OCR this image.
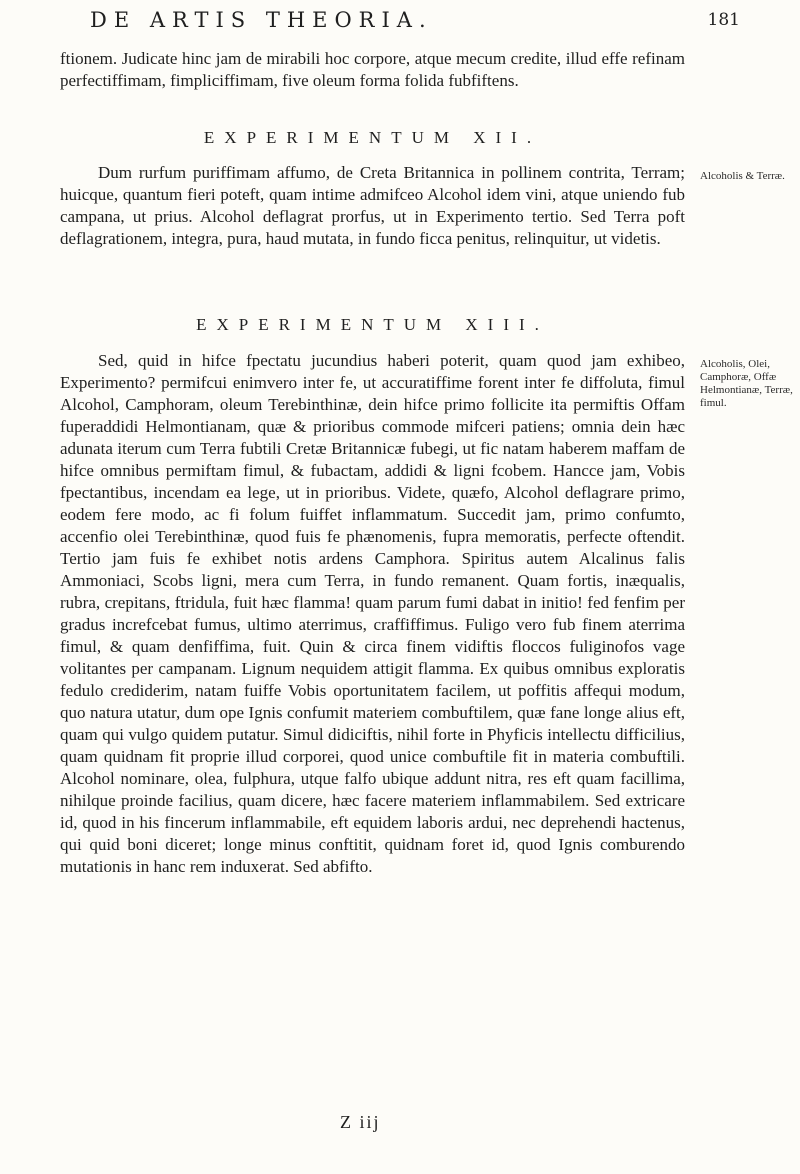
DE ARTIS THEORIA.	181

ftionem. Judicate hinc jam de mirabili hoc corpore, atque mecum credite, illud effe refinam perfectiffimam, fimpliciffimam, five oleum forma folida fubfiftens.

EXPERIMENTUM XII.

Dum rurfum puriffimam affumo, de Creta Britannica in pollinem contrita, Terram; huicque, quantum fieri poteft, quam intime admifceo Alcohol idem vini, atque uniendo fub campana, ut prius. Alcohol deflagrat prorfus, ut in Experimento tertio. Sed Terra poft deflagrationem, integra, pura, haud mutata, in fundo ficca penitus, relinquitur, ut videtis.

Alcoholis & Terræ.
EXPERIMENTUM XIII.

Sed, quid in hifce fpectatu jucundius haberi poterit, quam quod jam exhibeo, Experimento? permifcui enimvero inter fe, ut accuratiffime forent inter fe diffoluta, fimul Alcohol, Camphoram, oleum Terebinthinæ, dein hifce primo follicite ita permiftis Offam fuperaddidi Helmontianam, quæ & prioribus commode mifceri patiens; omnia dein hæc adunata iterum cum Terra fubtili Cretæ Britannicæ fubegi, ut fic natam haberem maffam de hifce omnibus permiftam fimul, & fubactam, addidi & ligni fcobem. Hancce jam, Vobis fpectantibus, incendam ea lege, ut in prioribus. Videte, quæfo, Alcohol deflagrare primo, eodem fere modo, ac fi folum fuiffet inflammatum. Succedit jam, primo confumto, accenfio olei Terebinthinæ, quod fuis fe phænomenis, fupra memoratis, perfecte oftendit. Tertio jam fuis fe exhibet notis ardens Camphora. Spiritus autem Alcalinus falis Ammoniaci, Scobs ligni, mera cum Terra, in fundo remanent. Quam fortis, inæqualis, rubra, crepitans, ftridula, fuit hæc flamma! quam parum fumi dabat in initio! fed fenfim per gradus increfcebat fumus, ultimo aterrimus, craffiffimus. Fuligo vero fub finem aterrima fimul, & quam denfiffima, fuit. Quin & circa finem vidiftis floccos fuliginofos vage volitantes per campanam. Lignum nequidem attigit flamma. Ex quibus omnibus exploratis fedulo crediderim, natam fuiffe Vobis oportunitatem facilem, ut poffitis affequi modum, quo natura utatur, dum ope Ignis confumit materiem combuftilem, quæ fane longe alius eft, quam qui vulgo quidem putatur. Simul didiciftis, nihil forte in Phyficis intellectu difficilius, quam quidnam fit proprie illud corporei, quod unice combuftile fit in materia combuftili. Alcohol nominare, olea, fulphura, utque falfo ubique addunt nitra, res eft quam facillima, nihilque proinde facilius, quam dicere, hæc facere materiem inflammabilem. Sed extricare id, quod in his fincerum inflammabile, eft equidem laboris ardui, nec deprehendi hactenus, qui quid boni diceret; longe minus conftitit, quidnam foret id, quod Ignis comburendo mutationis in hanc rem induxerat. Sed abfifto.

Alcoholis, Olei, Camphoræ, Offæ Helmontianæ, Terræ, fimul.
Z iij
